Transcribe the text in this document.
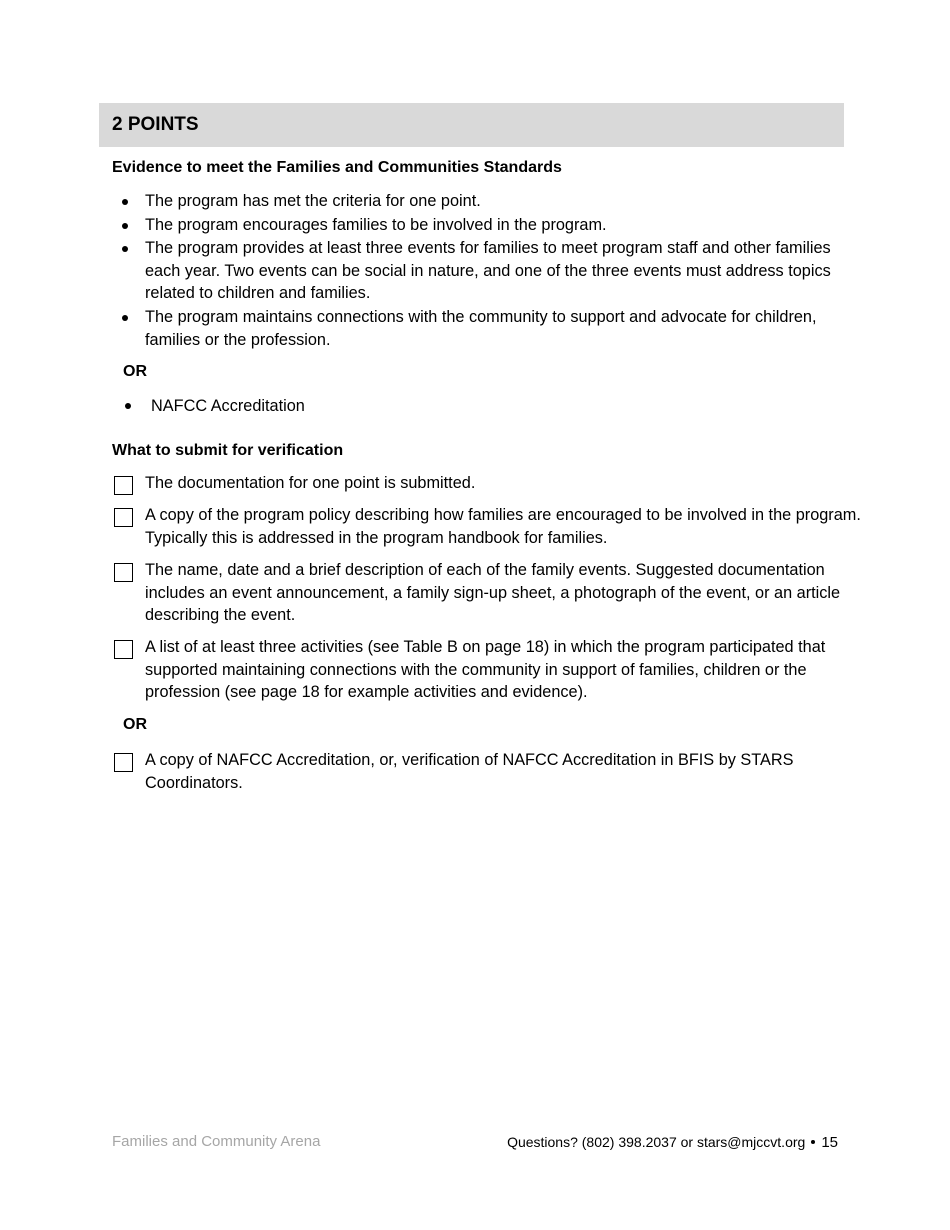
2 POINTS
Evidence to meet the Families and Communities Standards
The program has met the criteria for one point.
The program encourages families to be involved in the program.
The program provides at least three events for families to meet program staff and other families each year. Two events can be social in nature, and one of the three events must address topics related to children and families.
The program maintains connections with the community to support and advocate for children, families or the profession.
OR
NAFCC Accreditation
What to submit for verification
The documentation for one point is submitted.
A copy of the program policy describing how families are encouraged to be involved in the program. Typically this is addressed in the program handbook for families.
The name, date and a brief description of each of the family events. Suggested documentation includes an event announcement, a family sign-up sheet, a photograph of the event, or an article describing the event.
A list of at least three activities (see Table B on page 18) in which the program participated that supported maintaining connections with the community in support of families, children or the profession (see page 18 for example activities and evidence).
OR
A copy of NAFCC Accreditation, or, verification of NAFCC Accreditation in BFIS by STARS Coordinators.
Families and Community Arena	Questions? (802) 398.2037 or stars@mjccvt.org 15
